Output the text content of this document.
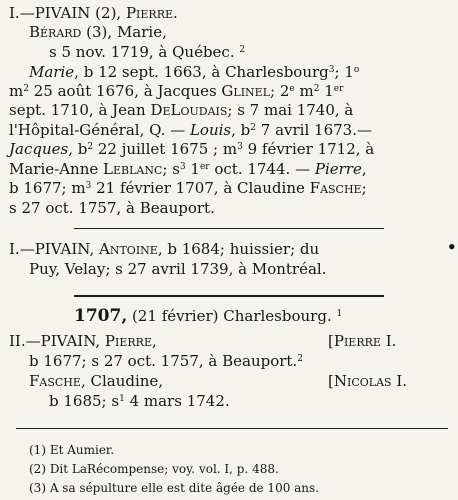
I.—PIVAIN (2), Pierre.
Bérard (3), Marie,
s 5 nov. 1719, à Québec. $^2$
Marie, b 12 sept. 1663, à Charlesbourg$^3$; 1$^o$
$m^2$ 25 août 1676, à Jacques Glinel; 2e $m^2$ 1er
sept. 1710, à Jean DeLoudais; s 7 mai 1740, à
l'Hôpital-Général, Q. — Louis, $b^2$ 7 avril 1673.—
Jacques, $b^2$ 22 juillet 1675 ; $m^3$ 9 février 1712, à
Marie-Anne Leblanc; $s^3$ 1er oct. 1744. — Pierre,
b 1677; $m^3$ 21 février 1707, à Claudine Fasche;
s 27 oct. 1757, à Beauport.
I.—PIVAIN, Antoine, b 1684; huissier; du	•
Puy, Velay; s 27 avril 1739, à Montréal.
1707, (21 février) Charlesbourg. $^1$
II.—PIVAIN, Pierre,	[Pierre I.
b 1677; s 27 oct. 1757, à Beauport.$^2$
Fasche, Claudine,	[Nicolas I.
b 1685; $s^1$ 4 mars 1742.
(1) Et Aumier.
(2) Dit LaRécompense; voy. vol. I, p. 488.
(3) A sa sépulture elle est dite âgée de 100 ans.
